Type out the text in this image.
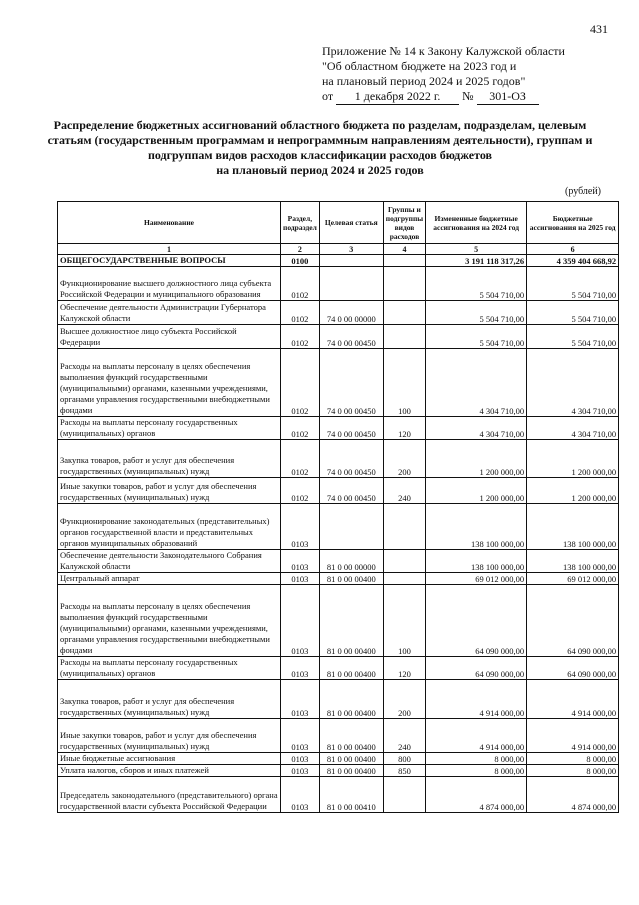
431
Приложение № 14 к Закону Калужской области
"Об областном бюджете на 2023 год и
на плановый период 2024 и 2025 годов"
от 1 декабря 2022 г. № 301-ОЗ
Распределение бюджетных ассигнований областного бюджета по разделам, подразделам, целевым
статьям (государственным программам и непрограммным направлениям деятельности), группам и
подгруппам видов расходов классификации расходов бюджетов
на плановый период 2024 и 2025 годов
(рублей)
Наименование	Раздел, подраздел	Целевая статья	Группы и подгруппы видов расходов	Измененные бюджетные ассигнования на 2024 год	Бюджетные ассигнования на 2025 год
1	2	3	4	5	6
ОБЩЕГОСУДАРСТВЕННЫЕ ВОПРОСЫ	0100			3 191 118 317,26	4 359 404 668,92
Функционирование высшего должностного лица субъекта Российской Федерации и муниципального образования	0102			5 504 710,00	5 504 710,00
Обеспечение деятельности Администрации Губернатора Калужской области	0102	74 0 00 00000		5 504 710,00	5 504 710,00
Высшее должностное лицо субъекта Российской Федерации	0102	74 0 00 00450		5 504 710,00	5 504 710,00
Расходы на выплаты персоналу в целях обеспечения выполнения функций государственными (муниципальными) органами, казенными учреждениями, органами управления государственными внебюджетными фондами	0102	74 0 00 00450	100	4 304 710,00	4 304 710,00
Расходы на выплаты персоналу государственных (муниципальных) органов	0102	74 0 00 00450	120	4 304 710,00	4 304 710,00
Закупка товаров, работ и услуг для обеспечения государственных (муниципальных) нужд	0102	74 0 00 00450	200	1 200 000,00	1 200 000,00
Иные закупки товаров, работ и услуг для обеспечения государственных (муниципальных) нужд	0102	74 0 00 00450	240	1 200 000,00	1 200 000,00
Функционирование законодательных (представительных) органов государственной власти и представительных органов муниципальных образований	0103			138 100 000,00	138 100 000,00
Обеспечение деятельности Законодательного Собрания Калужской области	0103	81 0 00 00000		138 100 000,00	138 100 000,00
Центральный аппарат	0103	81 0 00 00400		69 012 000,00	69 012 000,00
Расходы на выплаты персоналу в целях обеспечения выполнения функций государственными (муниципальными) органами, казенными учреждениями, органами управления государственными внебюджетными фондами	0103	81 0 00 00400	100	64 090 000,00	64 090 000,00
Расходы на выплаты персоналу государственных (муниципальных) органов	0103	81 0 00 00400	120	64 090 000,00	64 090 000,00
Закупка товаров, работ и услуг для обеспечения государственных (муниципальных) нужд	0103	81 0 00 00400	200	4 914 000,00	4 914 000,00
Иные закупки товаров, работ и услуг для обеспечения государственных (муниципальных) нужд	0103	81 0 00 00400	240	4 914 000,00	4 914 000,00
Иные бюджетные ассигнования	0103	81 0 00 00400	800	8 000,00	8 000,00
Уплата налогов, сборов и иных платежей	0103	81 0 00 00400	850	8 000,00	8 000,00
Председатель законодательного (представительного) органа государственной власти субъекта Российской Федерации	0103	81 0 00 00410		4 874 000,00	4 874 000,00
